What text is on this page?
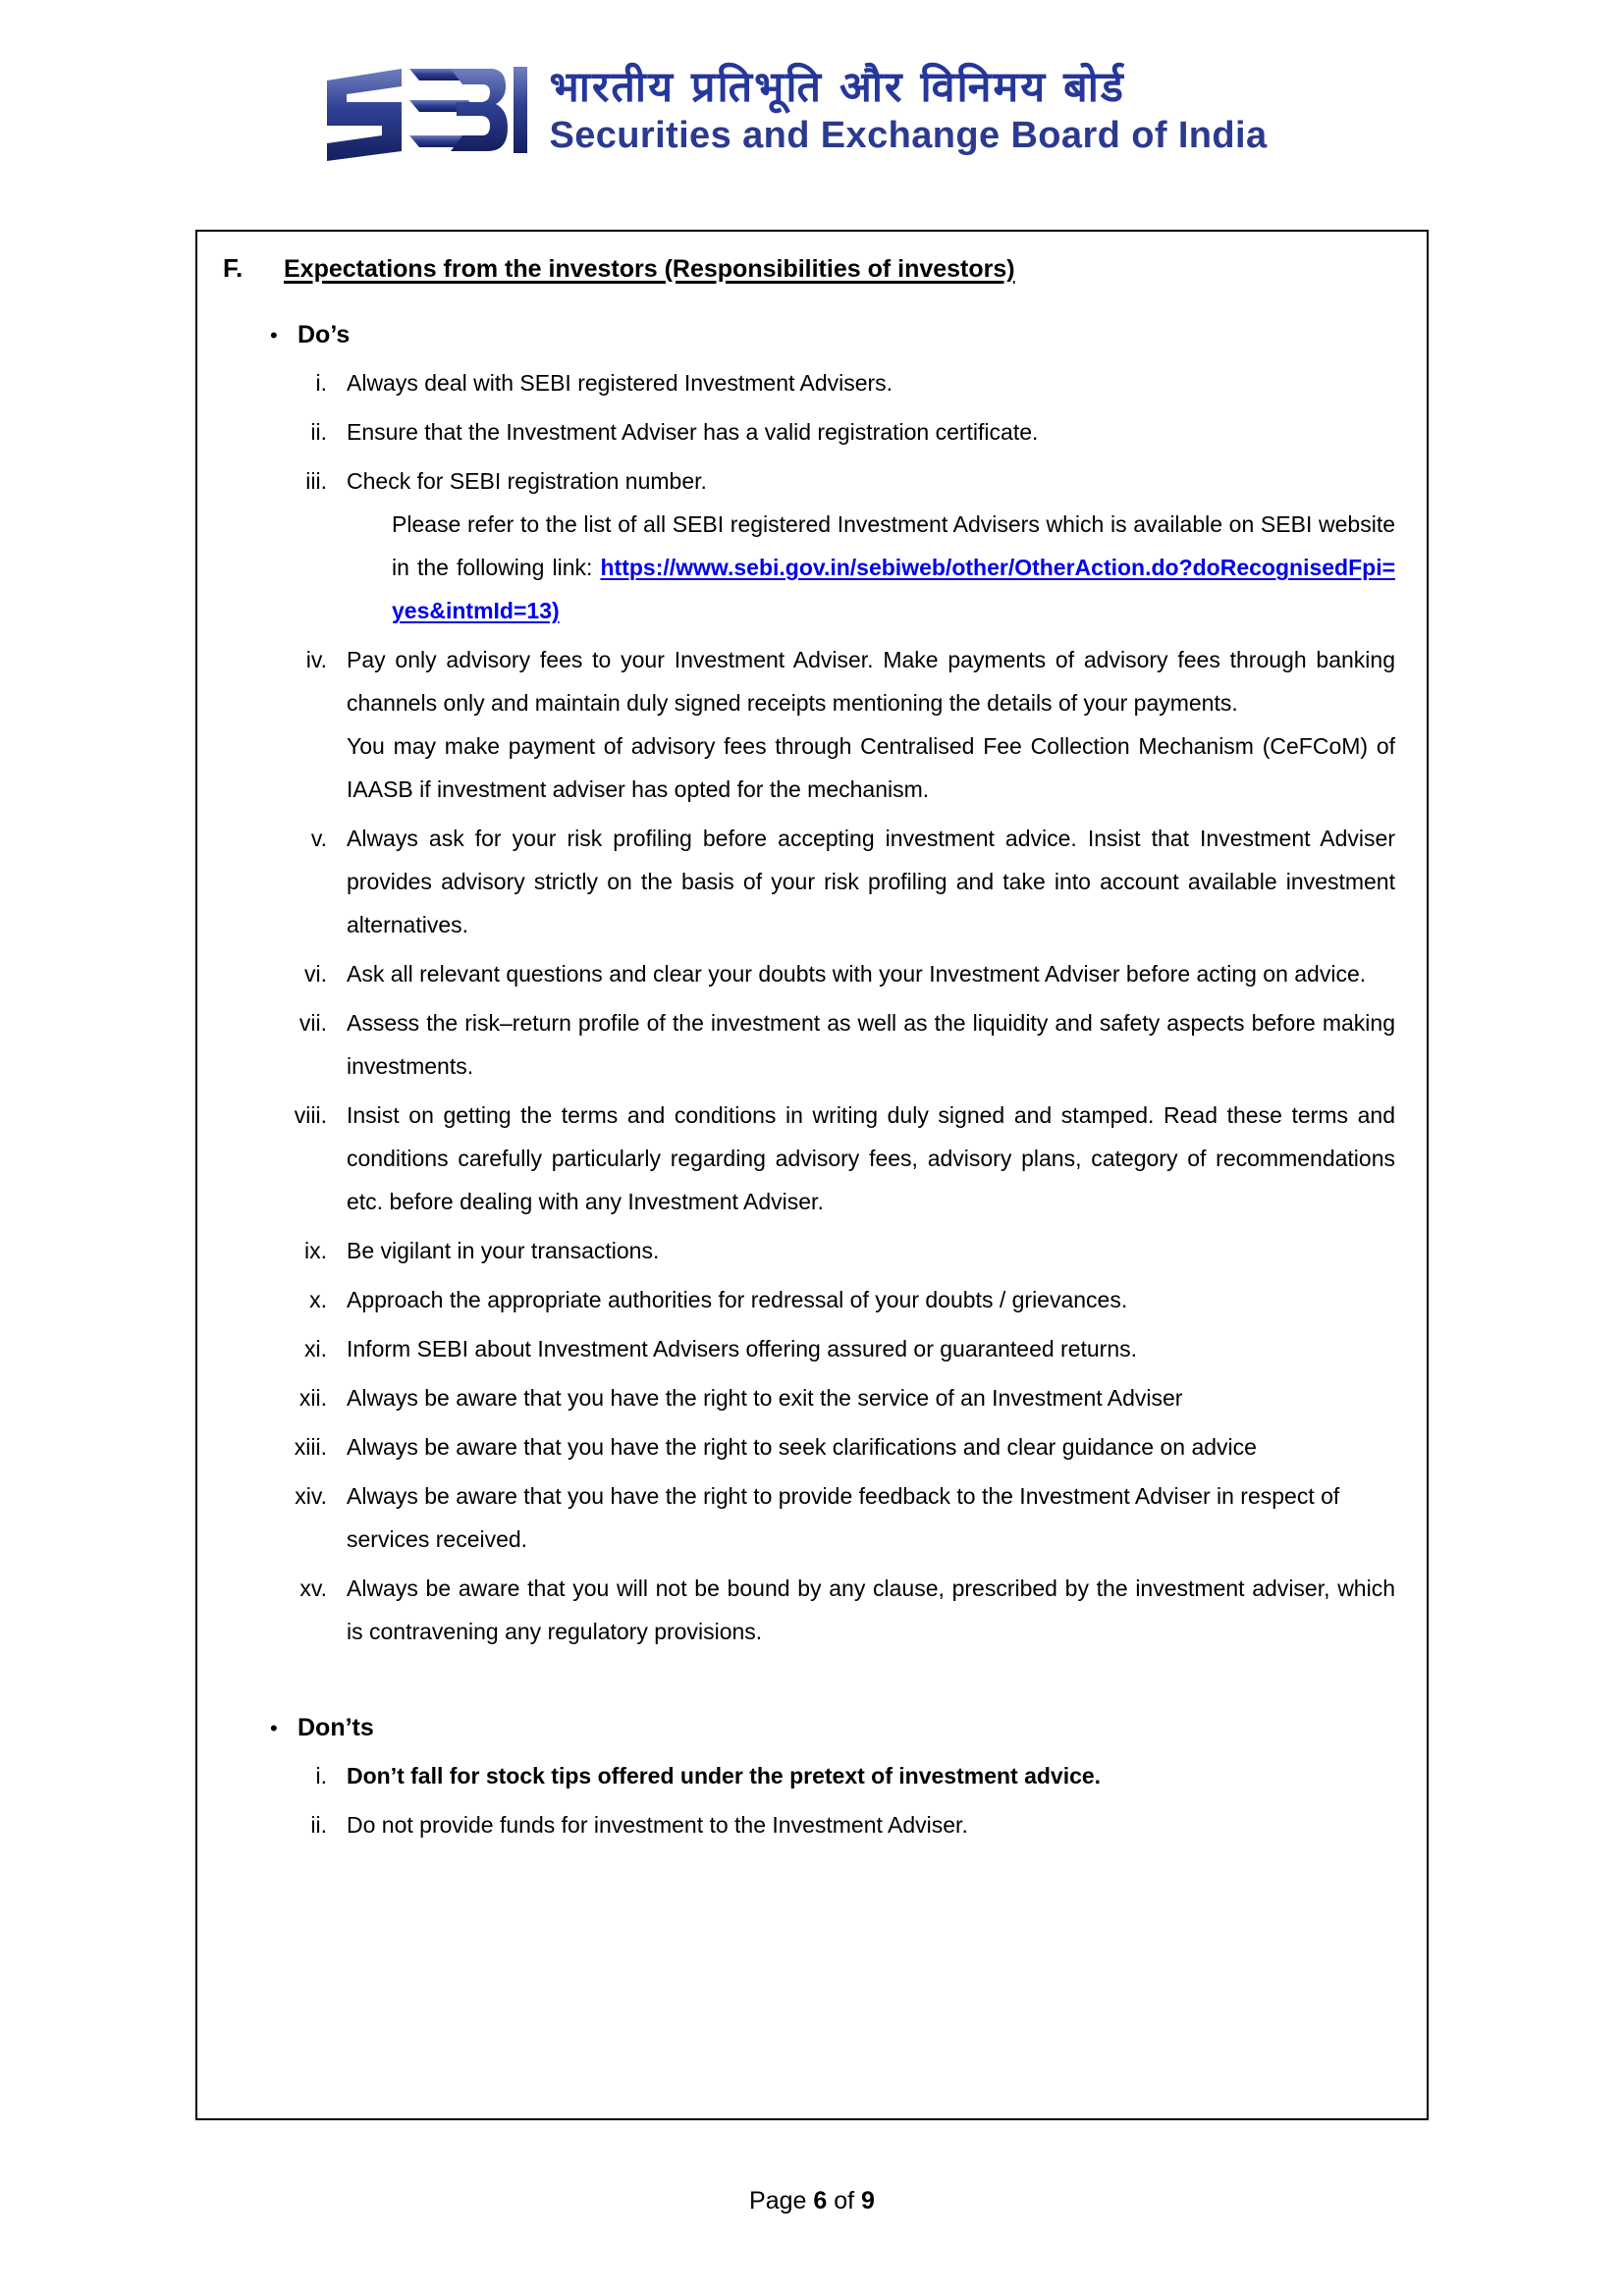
भारतीय प्रतिभूति और विनिमय बोर्ड
Securities and Exchange Board of India
F.	Expectations from the investors (Responsibilities of investors)
• Do’s
i. Always deal with SEBI registered Investment Advisers.
ii. Ensure that the Investment Adviser has a valid registration certificate.
iii. Check for SEBI registration number.
Please refer to the list of all SEBI registered Investment Advisers which is available on SEBI website in the following link: https://www.sebi.gov.in/sebiweb/other/OtherAction.do?doRecognisedFpi=yes&intmId=13)
iv. Pay only advisory fees to your Investment Adviser. Make payments of advisory fees through banking channels only and maintain duly signed receipts mentioning the details of your payments.
You may make payment of advisory fees through Centralised Fee Collection Mechanism (CeFCoM) of IAASB if investment adviser has opted for the mechanism.
v. Always ask for your risk profiling before accepting investment advice. Insist that Investment Adviser provides advisory strictly on the basis of your risk profiling and take into account available investment alternatives.
vi. Ask all relevant questions and clear your doubts with your Investment Adviser before acting on advice.
vii. Assess the risk–return profile of the investment as well as the liquidity and safety aspects before making investments.
viii. Insist on getting the terms and conditions in writing duly signed and stamped. Read these terms and conditions carefully particularly regarding advisory fees, advisory plans, category of recommendations etc. before dealing with any Investment Adviser.
ix. Be vigilant in your transactions.
x. Approach the appropriate authorities for redressal of your doubts / grievances.
xi. Inform SEBI about Investment Advisers offering assured or guaranteed returns.
xii. Always be aware that you have the right to exit the service of an Investment Adviser
xiii. Always be aware that you have the right to seek clarifications and clear guidance on advice
xiv. Always be aware that you have the right to provide feedback to the Investment Adviser in respect of services received.
xv. Always be aware that you will not be bound by any clause, prescribed by the investment adviser, which is contravening any regulatory provisions.
• Don’ts
i. Don’t fall for stock tips offered under the pretext of investment advice.
ii. Do not provide funds for investment to the Investment Adviser.
Page 6 of 9
